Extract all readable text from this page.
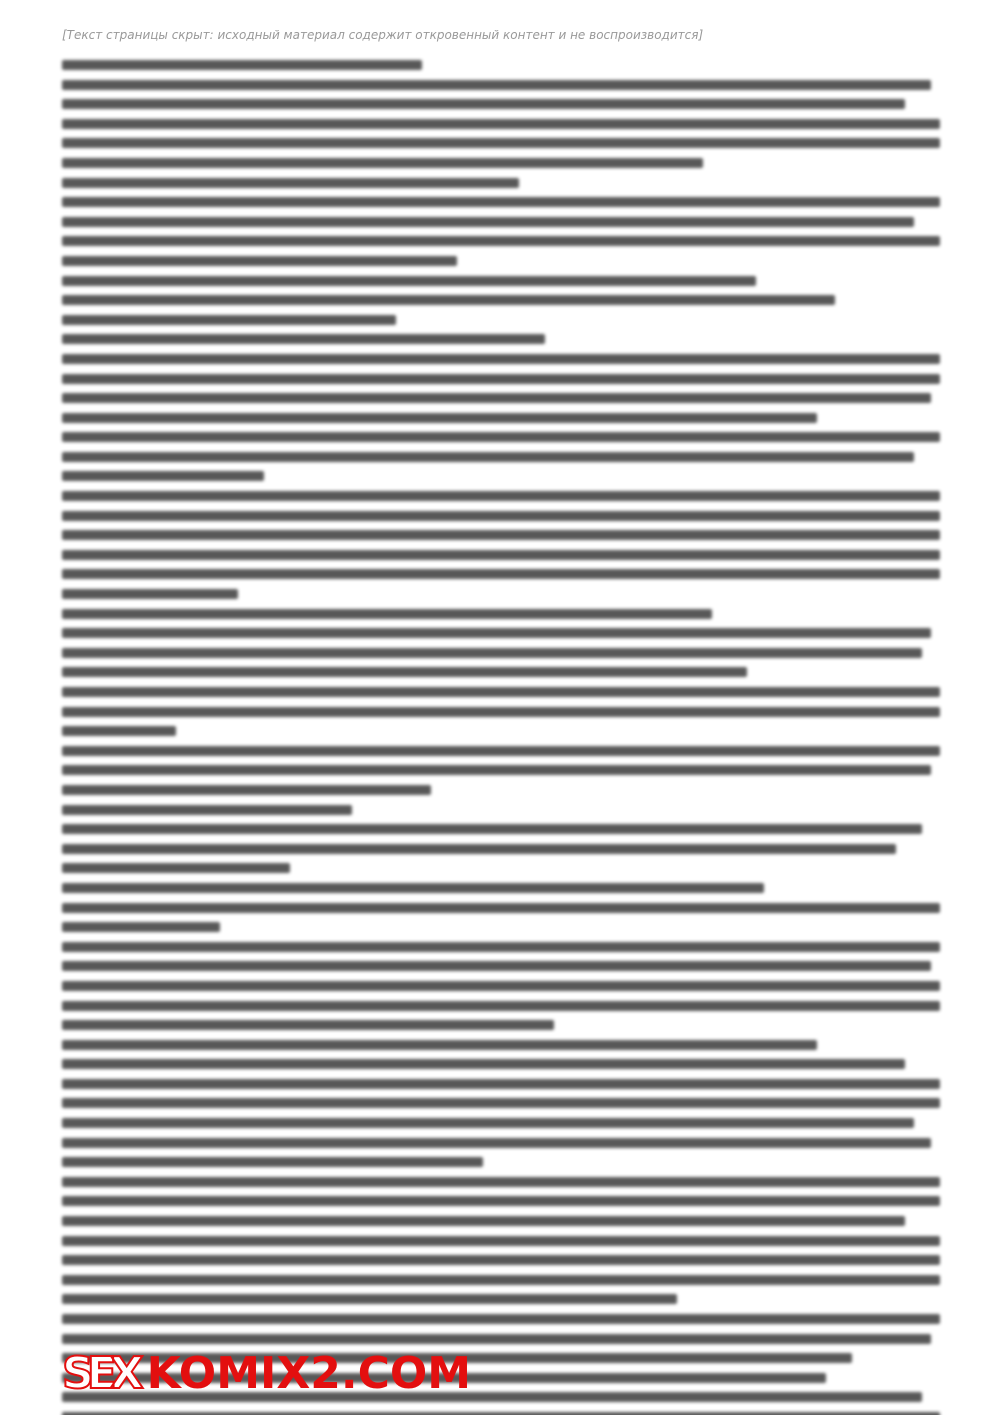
[Текст страницы скрыт: исходный материал содержит откровенный контент и не воспроизводится]
SEX KOMIX2.COM
